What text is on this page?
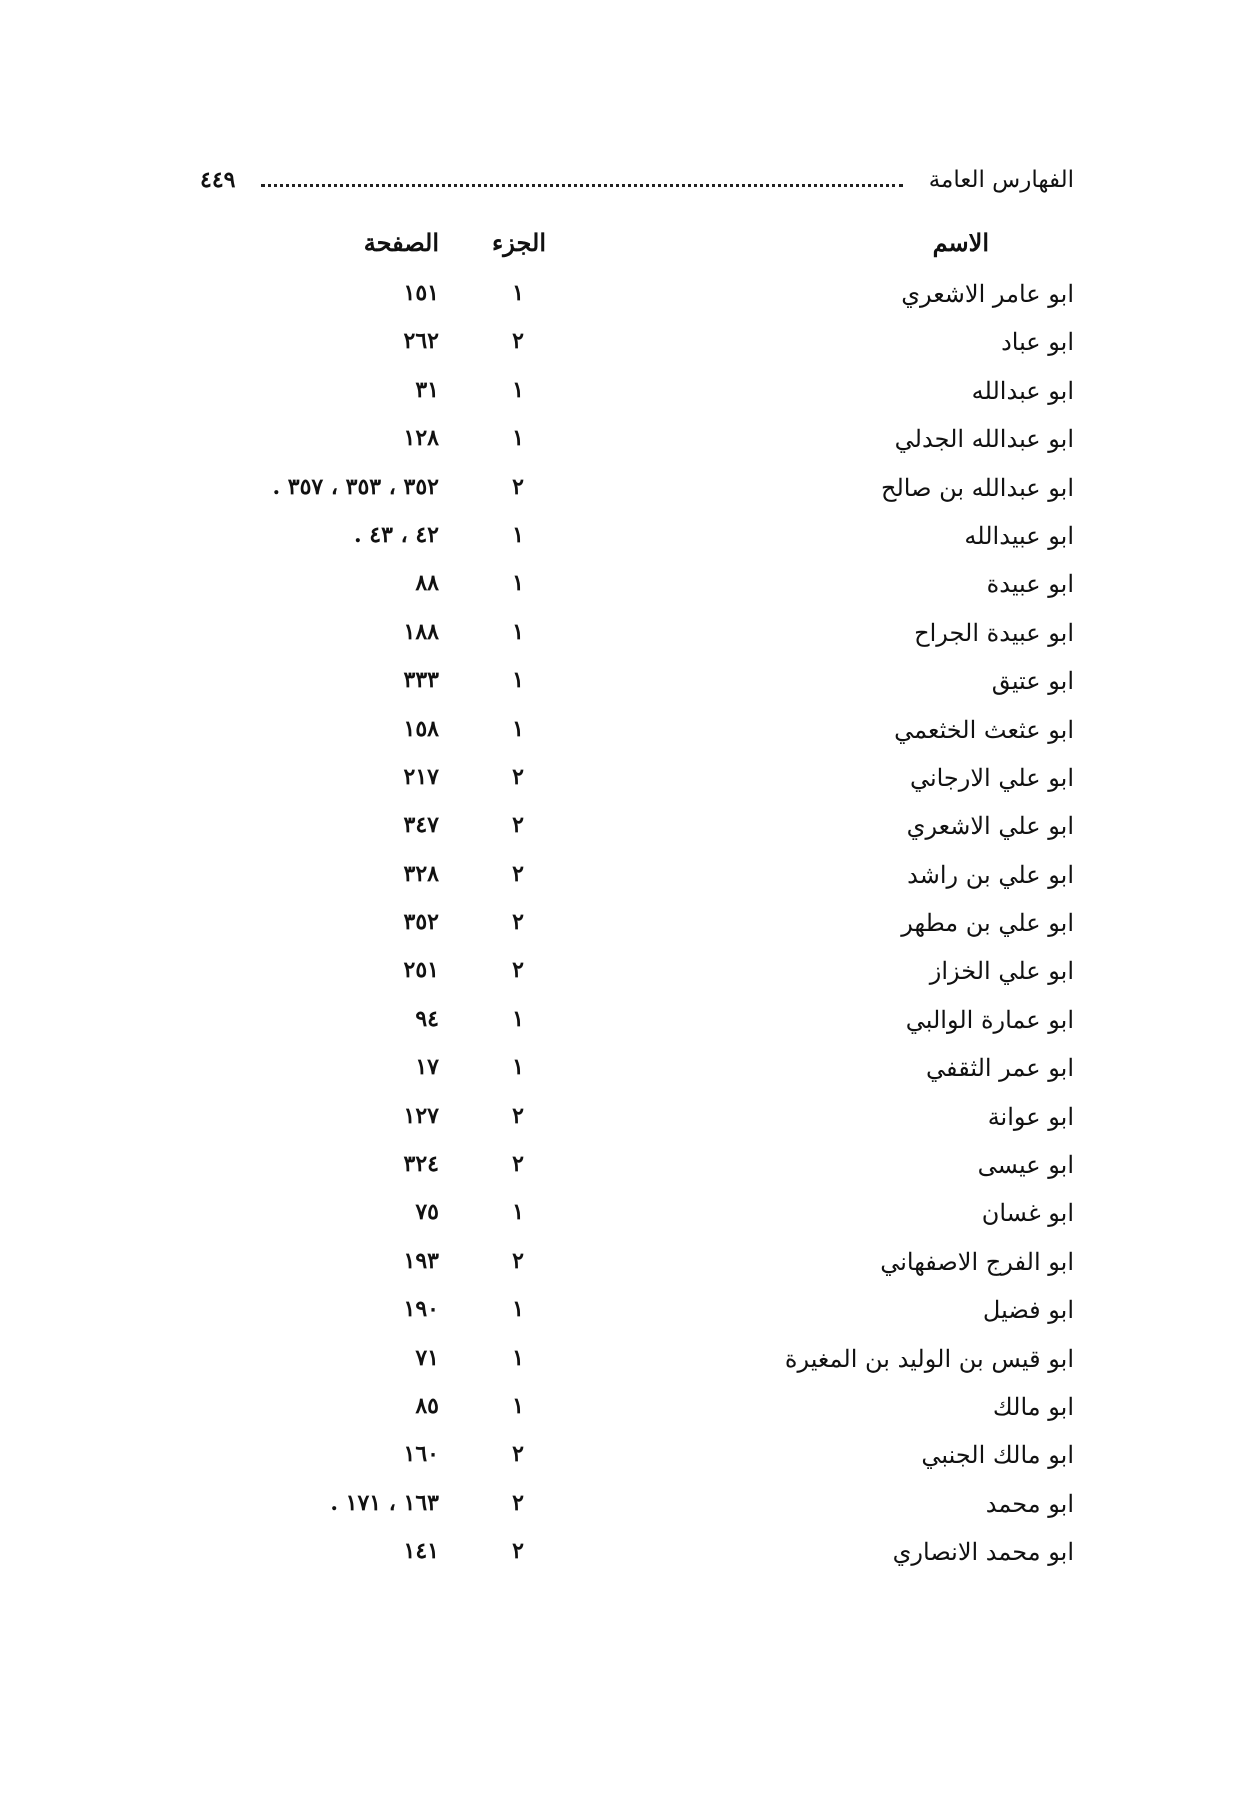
٤٤٩	الفهارس العامة
الاسم
الجزء
الصفحة
ابو عامر الاشعري
١
١٥١
ابو عباد
٢
٢٦٢
ابو عبدالله
١
٣١
ابو عبدالله الجدلي
١
١٢٨
ابو عبدالله بن صالح
٢
٣٥٢ ، ٣٥٣ ، ٣٥٧ .
ابو عبيدالله
١
٤٢ ، ٤٣ .
ابو عبيدة
١
٨٨
ابو عبيدة الجراح
١
١٨٨
ابو عتيق
١
٣٣٣
ابو عثعث الخثعمي
١
١٥٨
ابو علي الارجاني
٢
٢١٧
ابو علي الاشعري
٢
٣٤٧
ابو علي بن راشد
٢
٣٢٨
ابو علي بن مطهر
٢
٣٥٢
ابو علي الخزاز
٢
٢٥١
ابو عمارة الوالبي
١
٩٤
ابو عمر الثقفي
١
١٧
ابو عوانة
٢
١٢٧
ابو عيسى
٢
٣٢٤
ابو غسان
١
٧٥
ابو الفرج الاصفهاني
٢
١٩٣
ابو فضيل
١
١٩٠
ابو قيس بن الوليد بن المغيرة
١
٧١
ابو مالك
١
٨٥
ابو مالك الجنبي
٢
١٦٠
ابو محمد
٢
١٦٣ ، ١٧١ .
ابو محمد الانصاري
٢
١٤١
